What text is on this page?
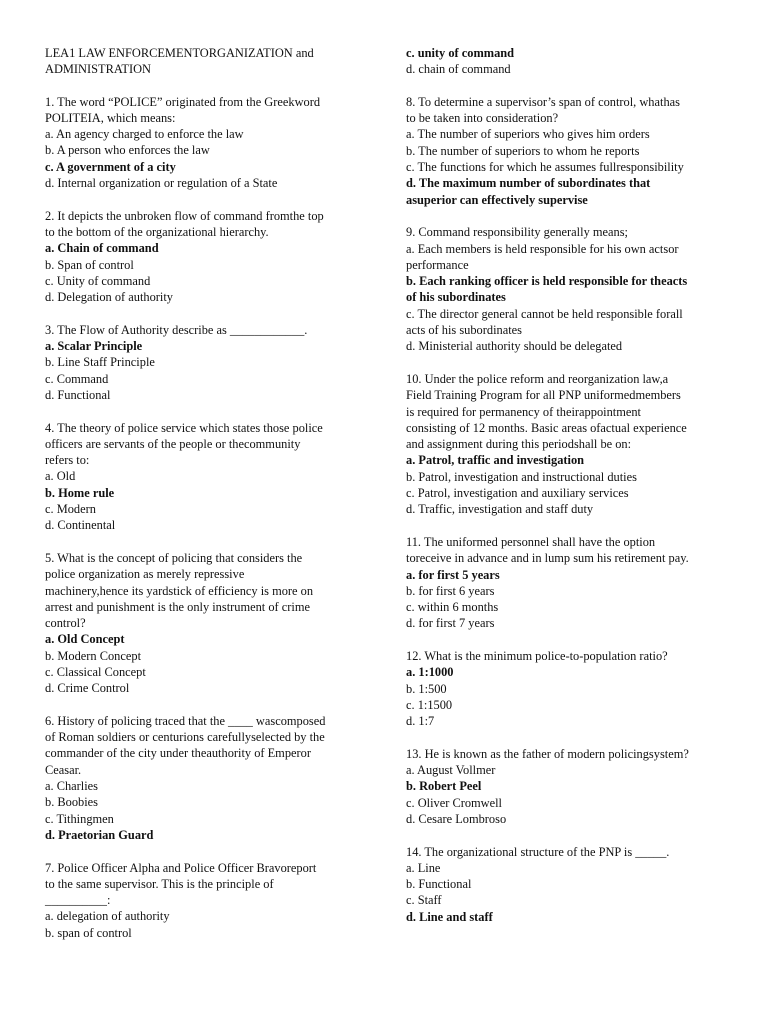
LEA1 LAW ENFORCEMENTORGANIZATION and
ADMINISTRATION
1. The word “POLICE” originated from the Greekword
POLITEIA, which means:
a. An agency charged to enforce the law
b. A person who enforces the law
c. A government of a city
d. Internal organization or regulation of a State
2. It depicts the unbroken flow of command fromthe top
to the bottom of the organizational hierarchy.
a. Chain of command
b. Span of control
c. Unity of command
d. Delegation of authority
3. The Flow of Authority describe as ____________.
a. Scalar Principle
b. Line Staff Principle
c. Command
d. Functional
4. The theory of police service which states those police
officers are servants of the people or thecommunity
refers to:
a. Old
b. Home rule
c. Modern
d. Continental
5. What is the concept of policing that considers the
police organization as merely repressive
machinery,hence its yardstick of efficiency is more on
arrest and punishment is the only instrument of crime
control?
a. Old Concept
b. Modern Concept
c. Classical Concept
d. Crime Control
6. History of policing traced that the ____ wascomposed
of Roman soldiers or centurions carefullyselected by the
commander of the city under theauthority of Emperor
Ceasar.
a. Charlies
b. Boobies
c. Tithingmen
d. Praetorian Guard
7. Police Officer Alpha and Police Officer Bravoreport
to the same supervisor. This is the principle of
__________:
a. delegation of authority
b. span of control
c. unity of command
d. chain of command
8. To determine a supervisor’s span of control, whathas
to be taken into consideration?
a. The number of superiors who gives him orders
b. The number of superiors to whom he reports
c. The functions for which he assumes fullresponsibility
d. The maximum number of subordinates that
asuperior can effectively supervise
9. Command responsibility generally means;
a. Each members is held responsible for his own actsor
performance
b. Each ranking officer is held responsible for theacts
of his subordinates
c. The director general cannot be held responsible forall
acts of his subordinates
d. Ministerial authority should be delegated
10. Under the police reform and reorganization law,a
Field Training Program for all PNP uniformedmembers
is required for permanency of theirappointment
consisting of 12 months. Basic areas ofactual experience
and assignment during this periodshall be on:
a. Patrol, traffic and investigation
b. Patrol, investigation and instructional duties
c. Patrol, investigation and auxiliary services
d. Traffic, investigation and staff duty
11. The uniformed personnel shall have the option
toreceive in advance and in lump sum his retirement pay.
a. for first 5 years
b. for first 6 years
c. within 6 months
d. for first 7 years
12. What is the minimum police-to-population ratio?
a. 1:1000
b. 1:500
c. 1:1500
d. 1:7
13. He is known as the father of modern policingsystem?
a. August Vollmer
b. Robert Peel
c. Oliver Cromwell
d. Cesare Lombroso
14. The organizational structure of the PNP is _____.
a. Line
b. Functional
c. Staff
d. Line and staff
